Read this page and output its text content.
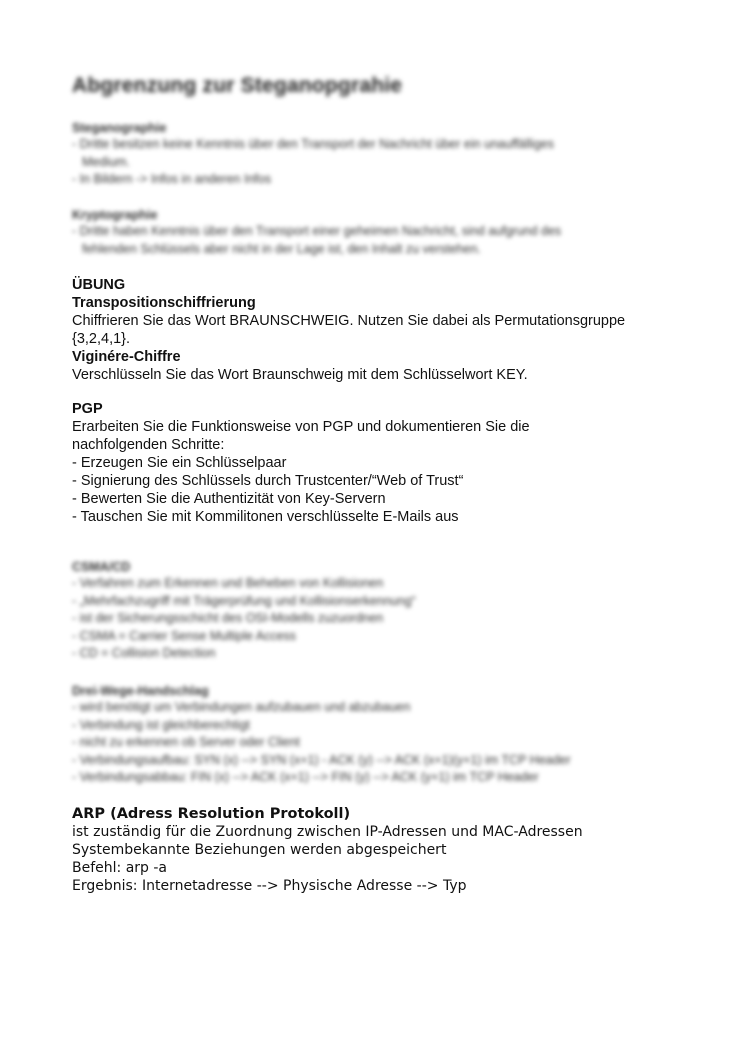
Abgrenzung zur Steganopgrahie
Steganographie
- Dritte besitzen keine Kenntnis über den Transport der Nachricht über ein unauffälliges
Medium.
- In Bildern -> Infos in anderen Infos
Kryptographie
- Dritte haben Kenntnis über den Transport einer geheimen Nachricht, sind aufgrund des
fehlenden Schlüssels aber nicht in der Lage ist, den Inhalt zu verstehen.
ÜBUNG
Transpositionschiffrierung
Chiffrieren Sie das Wort BRAUNSCHWEIG. Nutzen Sie dabei als Permutationsgruppe
{3,2,4,1}.
Viginére-Chiffre
Verschlüsseln Sie das Wort Braunschweig mit dem Schlüsselwort KEY.
PGP
Erarbeiten Sie die Funktionsweise von PGP und dokumentieren Sie die
nachfolgenden Schritte:
- Erzeugen Sie ein Schlüsselpaar
- Signierung des Schlüssels durch Trustcenter/“Web of Trust“
- Bewerten Sie die Authentizität von Key-Servern
- Tauschen Sie mit Kommilitonen verschlüsselte E-Mails aus
CSMA/CD
- Verfahren zum Erkennen und Beheben von Kollisionen
- „Mehrfachzugriff mit Trägerprüfung und Kollisionserkennung“
- ist der Sicherungsschicht des OSI-Modells zuzuordnen
- CSMA = Carrier Sense Multiple Access
- CD = Collision Detection
Drei-Wege-Handschlag
- wird benötigt um Verbindungen aufzubauen und abzubauen
- Verbindung ist gleichberechtigt
- nicht zu erkennen ob Server oder Client
- Verbindungsaufbau: SYN (x) --> SYN (x+1) - ACK (y) --> ACK (x+1)(y+1) im TCP Header
- Verbindungsabbau: FIN (x) --> ACK (x+1) --> FIN (y) --> ACK (y+1) im TCP Header
ARP (Adress Resolution Protokoll)
ist zuständig für die Zuordnung zwischen IP-Adressen und MAC-Adressen
Systembekannte Beziehungen werden abgespeichert
Befehl: arp -a
Ergebnis: Internetadresse --> Physische Adresse --> Typ
